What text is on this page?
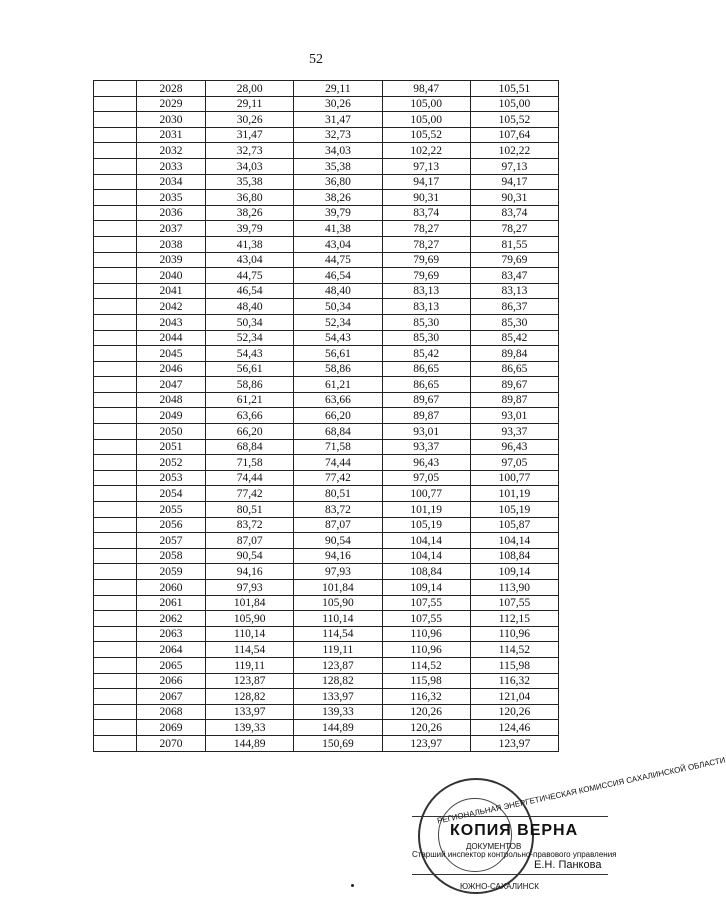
52
	2028	28,00	29,11	98,47	105,51
	2029	29,11	30,26	105,00	105,00
	2030	30,26	31,47	105,00	105,52
	2031	31,47	32,73	105,52	107,64
	2032	32,73	34,03	102,22	102,22
	2033	34,03	35,38	97,13	97,13
	2034	35,38	36,80	94,17	94,17
	2035	36,80	38,26	90,31	90,31
	2036	38,26	39,79	83,74	83,74
	2037	39,79	41,38	78,27	78,27
	2038	41,38	43,04	78,27	81,55
	2039	43,04	44,75	79,69	79,69
	2040	44,75	46,54	79,69	83,47
	2041	46,54	48,40	83,13	83,13
	2042	48,40	50,34	83,13	86,37
	2043	50,34	52,34	85,30	85,30
	2044	52,34	54,43	85,30	85,42
	2045	54,43	56,61	85,42	89,84
	2046	56,61	58,86	86,65	86,65
	2047	58,86	61,21	86,65	89,67
	2048	61,21	63,66	89,67	89,87
	2049	63,66	66,20	89,87	93,01
	2050	66,20	68,84	93,01	93,37
	2051	68,84	71,58	93,37	96,43
	2052	71,58	74,44	96,43	97,05
	2053	74,44	77,42	97,05	100,77
	2054	77,42	80,51	100,77	101,19
	2055	80,51	83,72	101,19	105,19
	2056	83,72	87,07	105,19	105,87
	2057	87,07	90,54	104,14	104,14
	2058	90,54	94,16	104,14	108,84
	2059	94,16	97,93	108,84	109,14
	2060	97,93	101,84	109,14	113,90
	2061	101,84	105,90	107,55	107,55
	2062	105,90	110,14	107,55	112,15
	2063	110,14	114,54	110,96	110,96
	2064	114,54	119,11	110,96	114,52
	2065	119,11	123,87	114,52	115,98
	2066	123,87	128,82	115,98	116,32
	2067	128,82	133,97	116,32	121,04
	2068	133,97	139,33	120,26	120,26
	2069	139,33	144,89	120,26	124,46
	2070	144,89	150,69	123,97	123,97
РЕГИОНАЛЬНАЯ ЭНЕРГЕТИЧЕСКАЯ КОМИССИЯ САХАЛИНСКОЙ ОБЛАСТИ
КОПИЯ ВЕРНА
ДОКУМЕНТОВ
Старший инспектор контрольно-правового управления
ЮЖНО-САХАЛИНСК
Е.Н. Панкова
